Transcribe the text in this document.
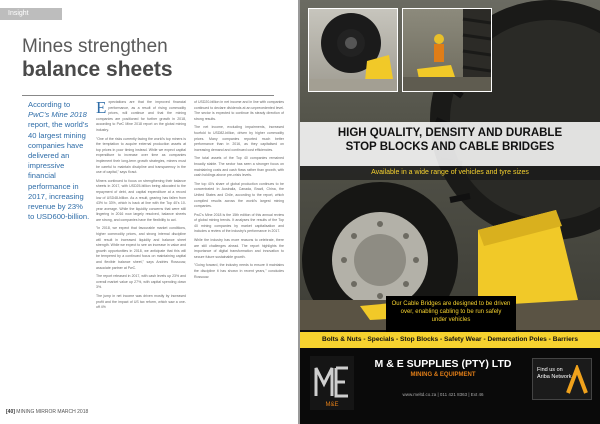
Insight
Mines strengthen
balance sheets
According to PwC's Mine 2018 report, the world's 40 largest mining companies have delivered an impressive financial performance in 2017, increasing revenue by 23% to USD600-billion.

Expectations are that the improved financial performance, as a result of rising commodity prices, will continue and that the mining companies are positioned for further growth in 2018, according to PwC Mine 2018 report on the global mining industry.

"One of the risks currently facing the world's top miners is the temptation to acquire external production assets at top prices in poor timing instead. While we expect capital expenditure to increase over time as companies implement their long-term growth strategies, miners must be careful to maintain discipline and transparency in the use of capital," says Kraut.

Miners continued to focus on strengthening their balance sheets in 2017, with USD25-billion being allocated to the repayment of debt, and capital expenditure at a record low of USD48-billion. As a result, gearing has fallen from 43% to 33%, which is back at line with the Top 40's 10-year average. While the liquidity concerns that were still lingering in 2016 now largely resolved, balance sheets are strong, and companies have the flexibility to act.

"In 2018, we expect that favourable market conditions, higher commodity prices, and strong internal discipline will result in increased liquidity and balance sheet strength. While we expect to see an increase in value and growth opportunities in 2018, we anticipate that this will be tempered by a continued focus on maintaining capital and flexible balance sheet," says Andries Rossouw, associate partner at PwC.

The report released in 2017, with cash levels up 23% and overall market value up 27%, with capital spending down 3%.

The jump in net income was driven mostly by increased profit and the impact of US tax reform, which saw a one-off 4%

of USD20-billion in net income and in line with companies continued to declare dividends at an unprecedented level. The sector is expected to continue its steady direction of strong results.

The net income, excluding impairments, increased fourfold to USD82-billion, driven by higher commodity prices. Many companies reported much better performance than in 2016, as they capitalised on increasing demand and continued cost efficiencies.

The total assets of the Top 40 companies remained broadly stable. The sector has seen a stronger focus on maintaining costs and cash flows rather than growth, with cash holdings above pre-crisis levels.

The top 40's share of global production continues to be concentrated in Australia, Canada, Brazil, China, the United States and Chile, according to the report, which compiled results across the world's largest mining companies.

PwC's Mine 2018 is the 15th edition of this annual review of global mining trends. It analyses the results of the Top 40 mining companies by market capitalisation and includes a review of the industry's performance in 2017.

While the industry has more reasons to celebrate, there are still challenges ahead. The report highlights the importance of digital transformation and innovation to secure future sustainable growth.

"Going forward, the industry needs to ensure it maintains the discipline it has shown in recent years," concludes Rossouw.

[40] MINING MIRROR MARCH 2018
HIGH QUALITY, DENSITY AND DURABLE
STOP BLOCKS AND CABLE BRIDGES
Available in a wide range of vehicles and tyre sizes
Our Cable Bridges are designed to be driven
over, enabling cabling to be run safely
under vehicles
Bolts & Nuts - Specials - Stop Blocks - Safety Wear - Demarcation Poles - Barriers
M&E
M & E SUPPLIES (PTY) LTD
MINING & EQUIPMENT
www.meltd.co.za | 011 421 8363 | Ext 46
Find us on
Ariba Network
